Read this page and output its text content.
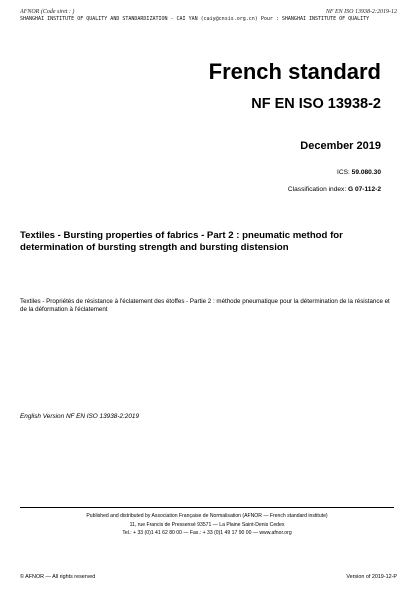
AFNOR (Code siret : )	NF EN ISO 13938-2:2019-12
SHANGHAI INSTITUTE OF QUALITY AND STANDARDIZATION - CAI YAN (caiy@cnsis.org.cn) Pour : SHANGHAI INSTITUTE OF QUALITY
French standard
NF EN ISO 13938-2
December 2019
ICS: 59.080.30
Classification index: G 07-112-2
Textiles - Bursting properties of fabrics - Part 2 : pneumatic method for determination of bursting strength and bursting distension
Textiles - Propriétés de résistance à l'éclatement des étoffes - Partie 2 : méthode pneumatique pour la détermination de la résistance et de la déformation à l'éclatement
English Version NF EN ISO 13938-2:2019
Published and distributed by Association Française de Normalisation (AFNOR — French standard institute)
11, rue Francis de Pressensé 93571 — La Plaine Saint-Denis Cedex
Tel.: + 33 (0)1 41 62 80 00 — Fax.: + 33 (0)1 49 17 90 00 — www.afnor.org
© AFNOR — All rights reserved	Version of 2019-12-P
